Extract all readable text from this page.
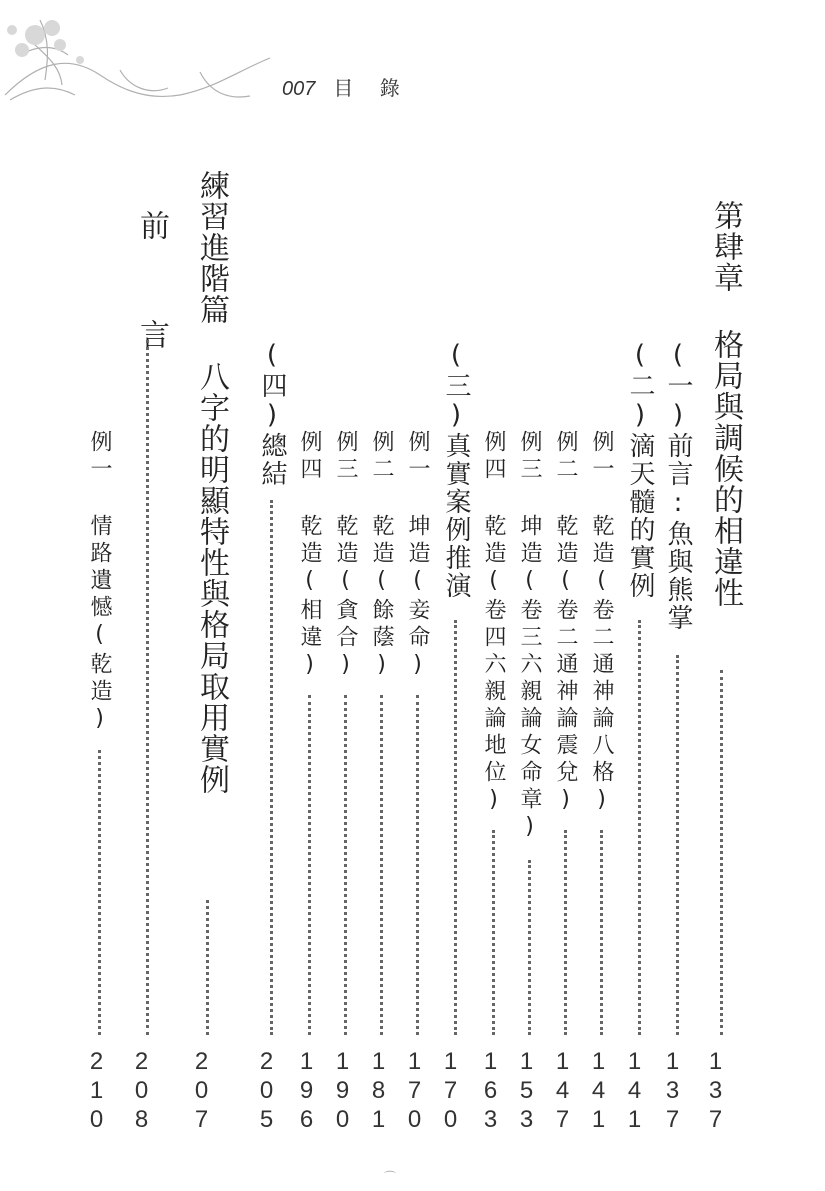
007 目 錄
第肆章 格局與調候的相違性
137
(一)前言:魚與熊掌
137
(二)滴天髓的實例
141
例一 乾造(卷二通神論八格)
141
例二 乾造(卷二通神論震兌)
147
例三 坤造(卷三六親論女命章)
153
例四 乾造(卷四六親論地位)
163
(三)真實案例推演
170
例一 坤造(妾命)
170
例二 乾造(餘蔭)
181
例三 乾造(貪合)
190
例四 乾造(相違)
196
(四)總結
205
練習進階篇 八字的明顯特性與格局取用實例
207
前 言
208
例一 情路遺憾(乾造)
210
⌒
